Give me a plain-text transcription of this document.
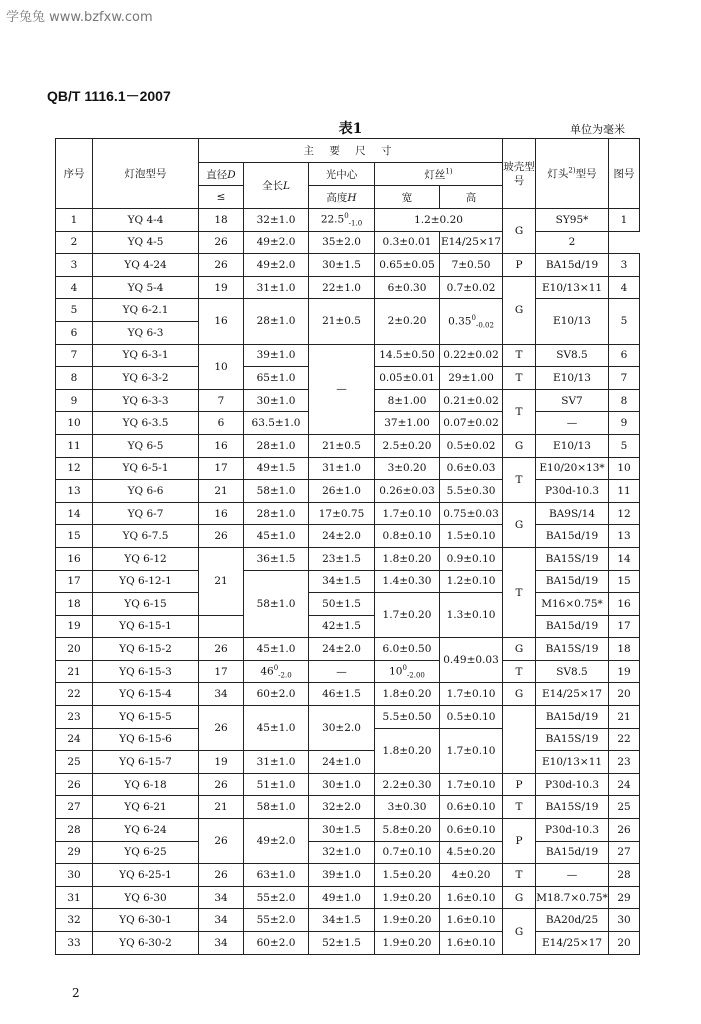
学兔兔 www.bzfxw.com
QB/T 1116.1－2007
表1	单位为毫米
序号	灯泡型号	主 要 尺 寸					玻壳型号	灯头$^{2)}$型号	图号
		直径D	全长L	光中心	灯丝$^{1)}$
		≤		高度H	宽	高			
1	YQ 4-4	18	32±1.0	$22.5^0_{-1.0}$	1.2±0.20		G	SY95*	1
2	YQ 4-5	26	49±2.0	35±2.0	0.3±0.01	E14/25×17		2	
3	YQ 4-24	26	49±2.0	30±1.5	0.65±0.05	7±0.50	P	BA15d/19	3
4	YQ 5-4	19	31±1.0	22±1.0	6±0.30	0.7±0.02	G	E10/13×11	4
5	YQ 6-2.1	16	28±1.0	21±0.5	2±0.20	$0.35^0_{-0.02}$		E10/13	5
6	YQ 6-3								
7	YQ 6-3-1	10	39±1.0	—	14.5±0.50	0.22±0.02	T	SV8.5	6
8	YQ 6-3-2		65±1.0		0.05±0.01	29±1.00	T	E10/13	7
9	YQ 6-3-3	7	30±1.0		8±1.00	0.21±0.02	T	SV7	8
10	YQ 6-3.5	6	63.5±1.0		37±1.00	0.07±0.02		—	9
11	YQ 6-5	16	28±1.0	21±0.5	2.5±0.20	0.5±0.02	G	E10/13	5
12	YQ 6-5-1	17	49±1.5	31±1.0	3±0.20	0.6±0.03	T	E10/20×13*	10
13	YQ 6-6	21	58±1.0	26±1.0	0.26±0.03	5.5±0.30		P30d-10.3	11
14	YQ 6-7	16	28±1.0	17±0.75	1.7±0.10	0.75±0.03	G	BA9S/14	12
15	YQ 6-7.5	26	45±1.0	24±2.0	0.8±0.10	1.5±0.10		BA15d/19	13
16	YQ 6-12	21	36±1.5	23±1.5	1.8±0.20	0.9±0.10	T	BA15S/19	14
17	YQ 6-12-1		58±1.0	34±1.5	1.4±0.30	1.2±0.10		BA15d/19	15
18	YQ 6-15			50±1.5	1.7±0.20	1.3±0.10		M16×0.75*	16
19	YQ 6-15-1			42±1.5				BA15d/19	17
20	YQ 6-15-2	26	45±1.0	24±2.0	6.0±0.50	0.49±0.03	G	BA15S/19	18
21	YQ 6-15-3	17	$46^0_{-2.0}$	—	$10^0_{-2.00}$		T	SV8.5	19
22	YQ 6-15-4	34	60±2.0	46±1.5	1.8±0.20	1.7±0.10	G	E14/25×17	20
23	YQ 6-15-5	26	45±1.0	30±2.0	5.5±0.50	0.5±0.10		BA15d/19	21
24	YQ 6-15-6				1.8±0.20	1.7±0.10		BA15S/19	22
25	YQ 6-15-7	19	31±1.0	24±1.0				E10/13×11	23
26	YQ 6-18	26	51±1.0	30±1.0	2.2±0.30	1.7±0.10	P	P30d-10.3	24
27	YQ 6-21	21	58±1.0	32±2.0	3±0.30	0.6±0.10	T	BA15S/19	25
28	YQ 6-24	26	49±2.0	30±1.5	5.8±0.20	0.6±0.10	P	P30d-10.3	26
29	YQ 6-25			32±1.0	0.7±0.10	4.5±0.20		BA15d/19	27
30	YQ 6-25-1	26	63±1.0	39±1.0	1.5±0.20	4±0.20	T	—	28
31	YQ 6-30	34	55±2.0	49±1.0	1.9±0.20	1.6±0.10	G	M18.7×0.75*	29
32	YQ 6-30-1	34	55±2.0	34±1.5	1.9±0.20	1.6±0.10	G	BA20d/25	30
33	YQ 6-30-2	34	60±2.0	52±1.5	1.9±0.20	1.6±0.10		E14/25×17	20
2
